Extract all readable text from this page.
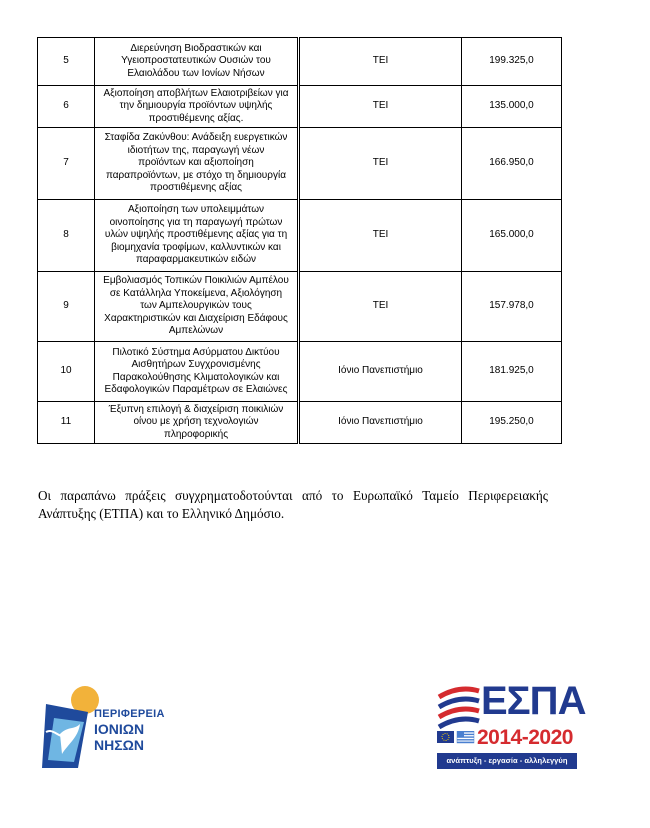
5	Διερεύνηση Βιοδραστικών και
Υγειοπροστατευτικών Ουσιών του
Ελαιολάδου των Ιονίων Νήσων	ΤΕΙ	199.325,0
6	Αξιοποίηση αποβλήτων Ελαιοτριβείων για
την δημιουργία προϊόντων υψηλής
προστιθέμενης αξίας.	ΤΕΙ	135.000,0
7	Σταφίδα Ζακύνθου: Ανάδειξη ευεργετικών
ιδιοτήτων της, παραγωγή νέων
προϊόντων και αξιοποίηση
παραπροϊόντων, με στόχο τη δημιουργία
προστιθέμενης αξίας	ΤΕΙ	166.950,0
8	Αξιοποίηση των υπολειμμάτων
οινοποίησης για τη παραγωγή πρώτων
υλών υψηλής προστιθέμενης αξίας για τη
βιομηχανία τροφίμων, καλλυντικών και
παραφαρμακευτικών ειδών	ΤΕΙ	165.000,0
9	Εμβολιασμός Τοπικών Ποικιλιών Αμπέλου
σε Κατάλληλα Υποκείμενα, Αξιολόγηση
των Αμπελουργικών τους
Χαρακτηριστικών και Διαχείριση Εδάφους
Αμπελώνων	ΤΕΙ	157.978,0
10	Πιλοτικό Σύστημα Ασύρματου Δικτύου
Αισθητήρων Συγχρονισμένης
Παρακολούθησης Κλιματολογικών και
Εδαφολογικών Παραμέτρων σε Ελαιώνες	Ιόνιο Πανεπιστήμιο	181.925,0
11	Έξυπνη επιλογή & διαχείριση ποικιλιών
οίνου με χρήση τεχνολογιών
πληροφορικής	Ιόνιο Πανεπιστήμιο	195.250,0

Οι παραπάνω πράξεις συγχρηματοδοτούνται από το Ευρωπαϊκό Ταμείο Περιφερειακής Ανάπτυξης (ΕΤΠΑ) και το Ελληνικό Δημόσιο.

ΠΕΡΙΦΕΡΕΙΑ
ΙΟΝΙΩΝ
ΝΗΣΩΝ
ΕΣΠΑ
2014-2020
ανάπτυξη - εργασία - αλληλεγγύη
